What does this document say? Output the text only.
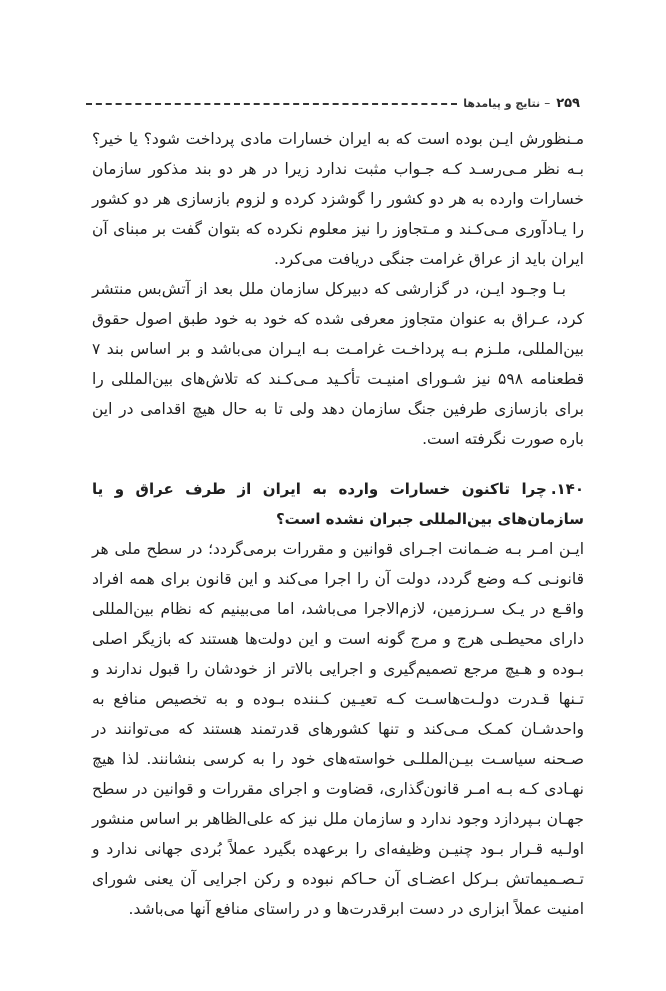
۲۵۹
–
نتایج و پیامدها

مـنظورش ایـن بوده است که به ایران خسارات مادی پرداخت شود؟ یا خیر؟ بـه نظر مـی‌رسـد کـه جـواب مثبت ندارد زیرا در هر دو بند مذکور سازمان خسارات وارده به هر دو کشور را گوشزد کرده و لزوم بازسازی هر دو کشور را یـادآوری مـی‌کـند و مـتجاوز را نیز معلوم نکرده که بتوان گفت بر مبنای آن ایران باید از عراق غرامت جنگی دریافت می‌کرد.

بـا وجـود ایـن، در گزارشی که دبیرکل سازمان ملل بعد از آتش‌بس منتشر کرد، عـراق به عنوان متجاوز معرفی شده که خود به خود طبق اصول حقوق بین‌المللی، ملـزم بـه پرداخـت غرامـت بـه ایـران می‌باشد و بر اساس بند ۷ قطعنامه ۵۹۸ نیز شـورای امنیـت تأکـید مـی‌کـند که تلاش‌های بین‌المللی را برای بازسازی طرفین جنگ سازمان دهد ولی تا به حال هیچ اقدامی در این باره صورت نگرفته است.

۱۴۰.چرا تاکنون خسارات وارده به ایران از طرف عراق و یا سازمان‌های بین‌المللی جبران نشده است؟

ایـن امـر بـه ضـمانت اجـرای قوانین و مقررات برمی‌گردد؛ در سطح ملی هر قانونـی کـه وضع گردد، دولت آن را اجرا می‌کند و این قانون برای همه افراد واقـع در یـک سـرزمین، لازم‌الاجرا می‌باشد، اما می‌بینیم که نظام بین‌المللی دارای محیطـی هرج و مرج گونه است و این دولت‌ها هستند که بازیگر اصلی بـوده و هـیچ مرجع تصمیم‌گیری و اجرایی بالاتر از خودشان را قبول ندارند و تـنها قـدرت دولـت‌هاسـت کـه تعیـین کـننده بـوده و به تخصیص منافع به واحدشـان کمـک مـی‌کند و تنها کشورهای قدرتمند هستند که می‌توانند در صـحنه سیاسـت بیـن‌المللـی خواسته‌های خود را به کرسی بنشانند. لذا هیچ نهـادی کـه بـه امـر قانون‌گذاری، قضاوت و اجرای مقررات و قوانین در سطح جهـان بـپردازد وجود ندارد و سازمان ملل نیز که علی‌الظاهر بر اساس منشور اولـیه قـرار بـود چنیـن وظیفه‌ای را برعهده بگیرد عملاً بُردی جهانی ندارد و تـصـمیماتش بـرکل اعضـای آن حـاکم نبوده و رکن اجرایی آن یعنی شورای امنیت عملاً ابزاری در دست ابرقدرت‌ها و در راستای منافع آنها می‌باشد.
